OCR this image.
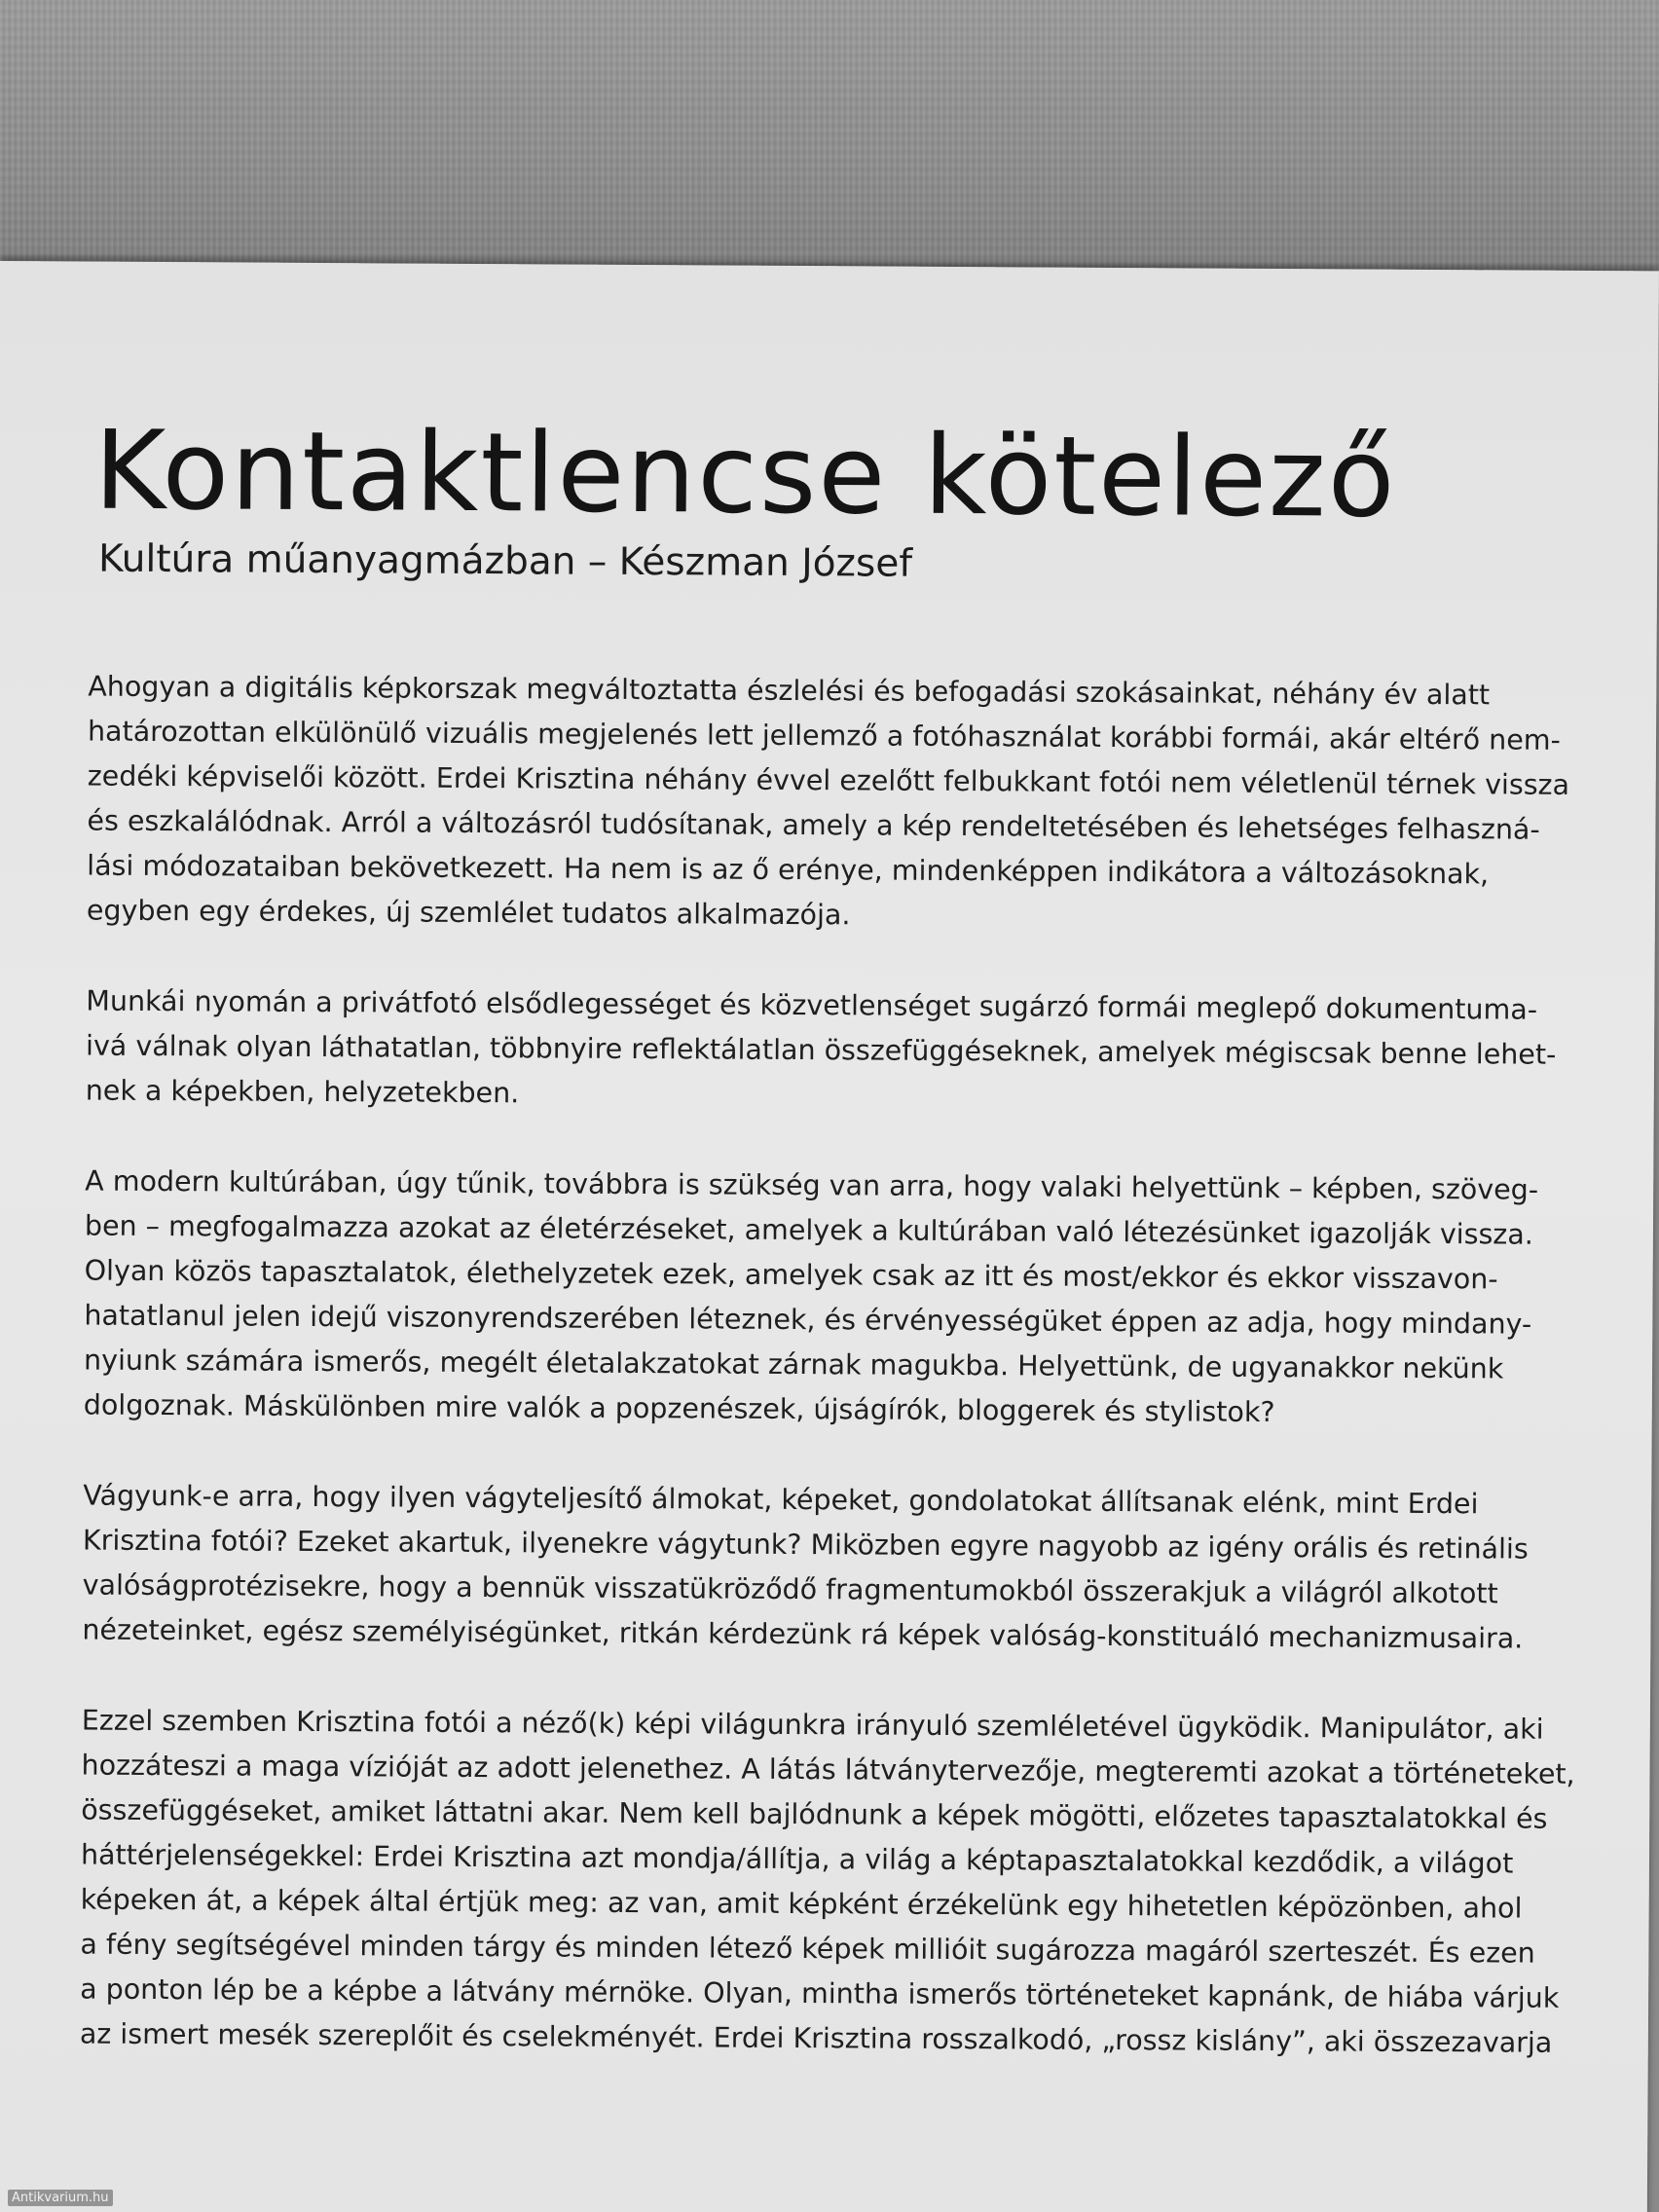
Kontaktlencse kötelező
Kultúra műanyagmázban – Készman József

Ahogyan a digitális képkorszak megváltoztatta észlelési és befogadási szokásainkat, néhány év alatt
határozottan elkülönülő vizuális megjelenés lett jellemző a fotóhasználat korábbi formái, akár eltérő nem-
zedéki képviselői között. Erdei Krisztina néhány évvel ezelőtt felbukkant fotói nem véletlenül térnek vissza
és eszkalálódnak. Arról a változásról tudósítanak, amely a kép rendeltetésében és lehetséges felhaszná-
lási módozataiban bekövetkezett. Ha nem is az ő erénye, mindenképpen indikátora a változásoknak,
egyben egy érdekes, új szemlélet tudatos alkalmazója.

Munkái nyomán a privátfotó elsődlegességet és közvetlenséget sugárzó formái meglepő dokumentuma-
ivá válnak olyan láthatatlan, többnyire reflektálatlan összefüggéseknek, amelyek mégiscsak benne lehet-
nek a képekben, helyzetekben.

A modern kultúrában, úgy tűnik, továbbra is szükség van arra, hogy valaki helyettünk – képben, szöveg-
ben – megfogalmazza azokat az életérzéseket, amelyek a kultúrában való létezésünket igazolják vissza.
Olyan közös tapasztalatok, élethelyzetek ezek, amelyek csak az itt és most/ekkor és ekkor visszavon-
hatatlanul jelen idejű viszonyrendszerében léteznek, és érvényességüket éppen az adja, hogy mindany-
nyiunk számára ismerős, megélt életalakzatokat zárnak magukba. Helyettünk, de ugyanakkor nekünk
dolgoznak. Máskülönben mire valók a popzenészek, újságírók, bloggerek és stylistok?

Vágyunk-e arra, hogy ilyen vágyteljesítő álmokat, képeket, gondolatokat állítsanak elénk, mint Erdei
Krisztina fotói? Ezeket akartuk, ilyenekre vágytunk? Miközben egyre nagyobb az igény orális és retinális
valóságprotézisekre, hogy a bennük visszatükröződő fragmentumokból összerakjuk a világról alkotott
nézeteinket, egész személyiségünket, ritkán kérdezünk rá képek valóság-konstituáló mechanizmusaira.

Ezzel szemben Krisztina fotói a néző(k) képi világunkra irányuló szemléletével ügyködik. Manipulátor, aki
hozzáteszi a maga vízióját az adott jelenethez. A látás látványtervezője, megteremti azokat a történeteket,
összefüggéseket, amiket láttatni akar. Nem kell bajlódnunk a képek mögötti, előzetes tapasztalatokkal és
háttérjelenségekkel: Erdei Krisztina azt mondja/állítja, a világ a képtapasztalatokkal kezdődik, a világot
képeken át, a képek által értjük meg: az van, amit képként érzékelünk egy hihetetlen képözönben, ahol
a fény segítségével minden tárgy és minden létező képek millióit sugározza magáról szerteszét. És ezen
a ponton lép be a képbe a látvány mérnöke. Olyan, mintha ismerős történeteket kapnánk, de hiába várjuk
az ismert mesék szereplőit és cselekményét. Erdei Krisztina rosszalkodó, „rossz kislány”, aki összezavarja

Antikvarium.hu
